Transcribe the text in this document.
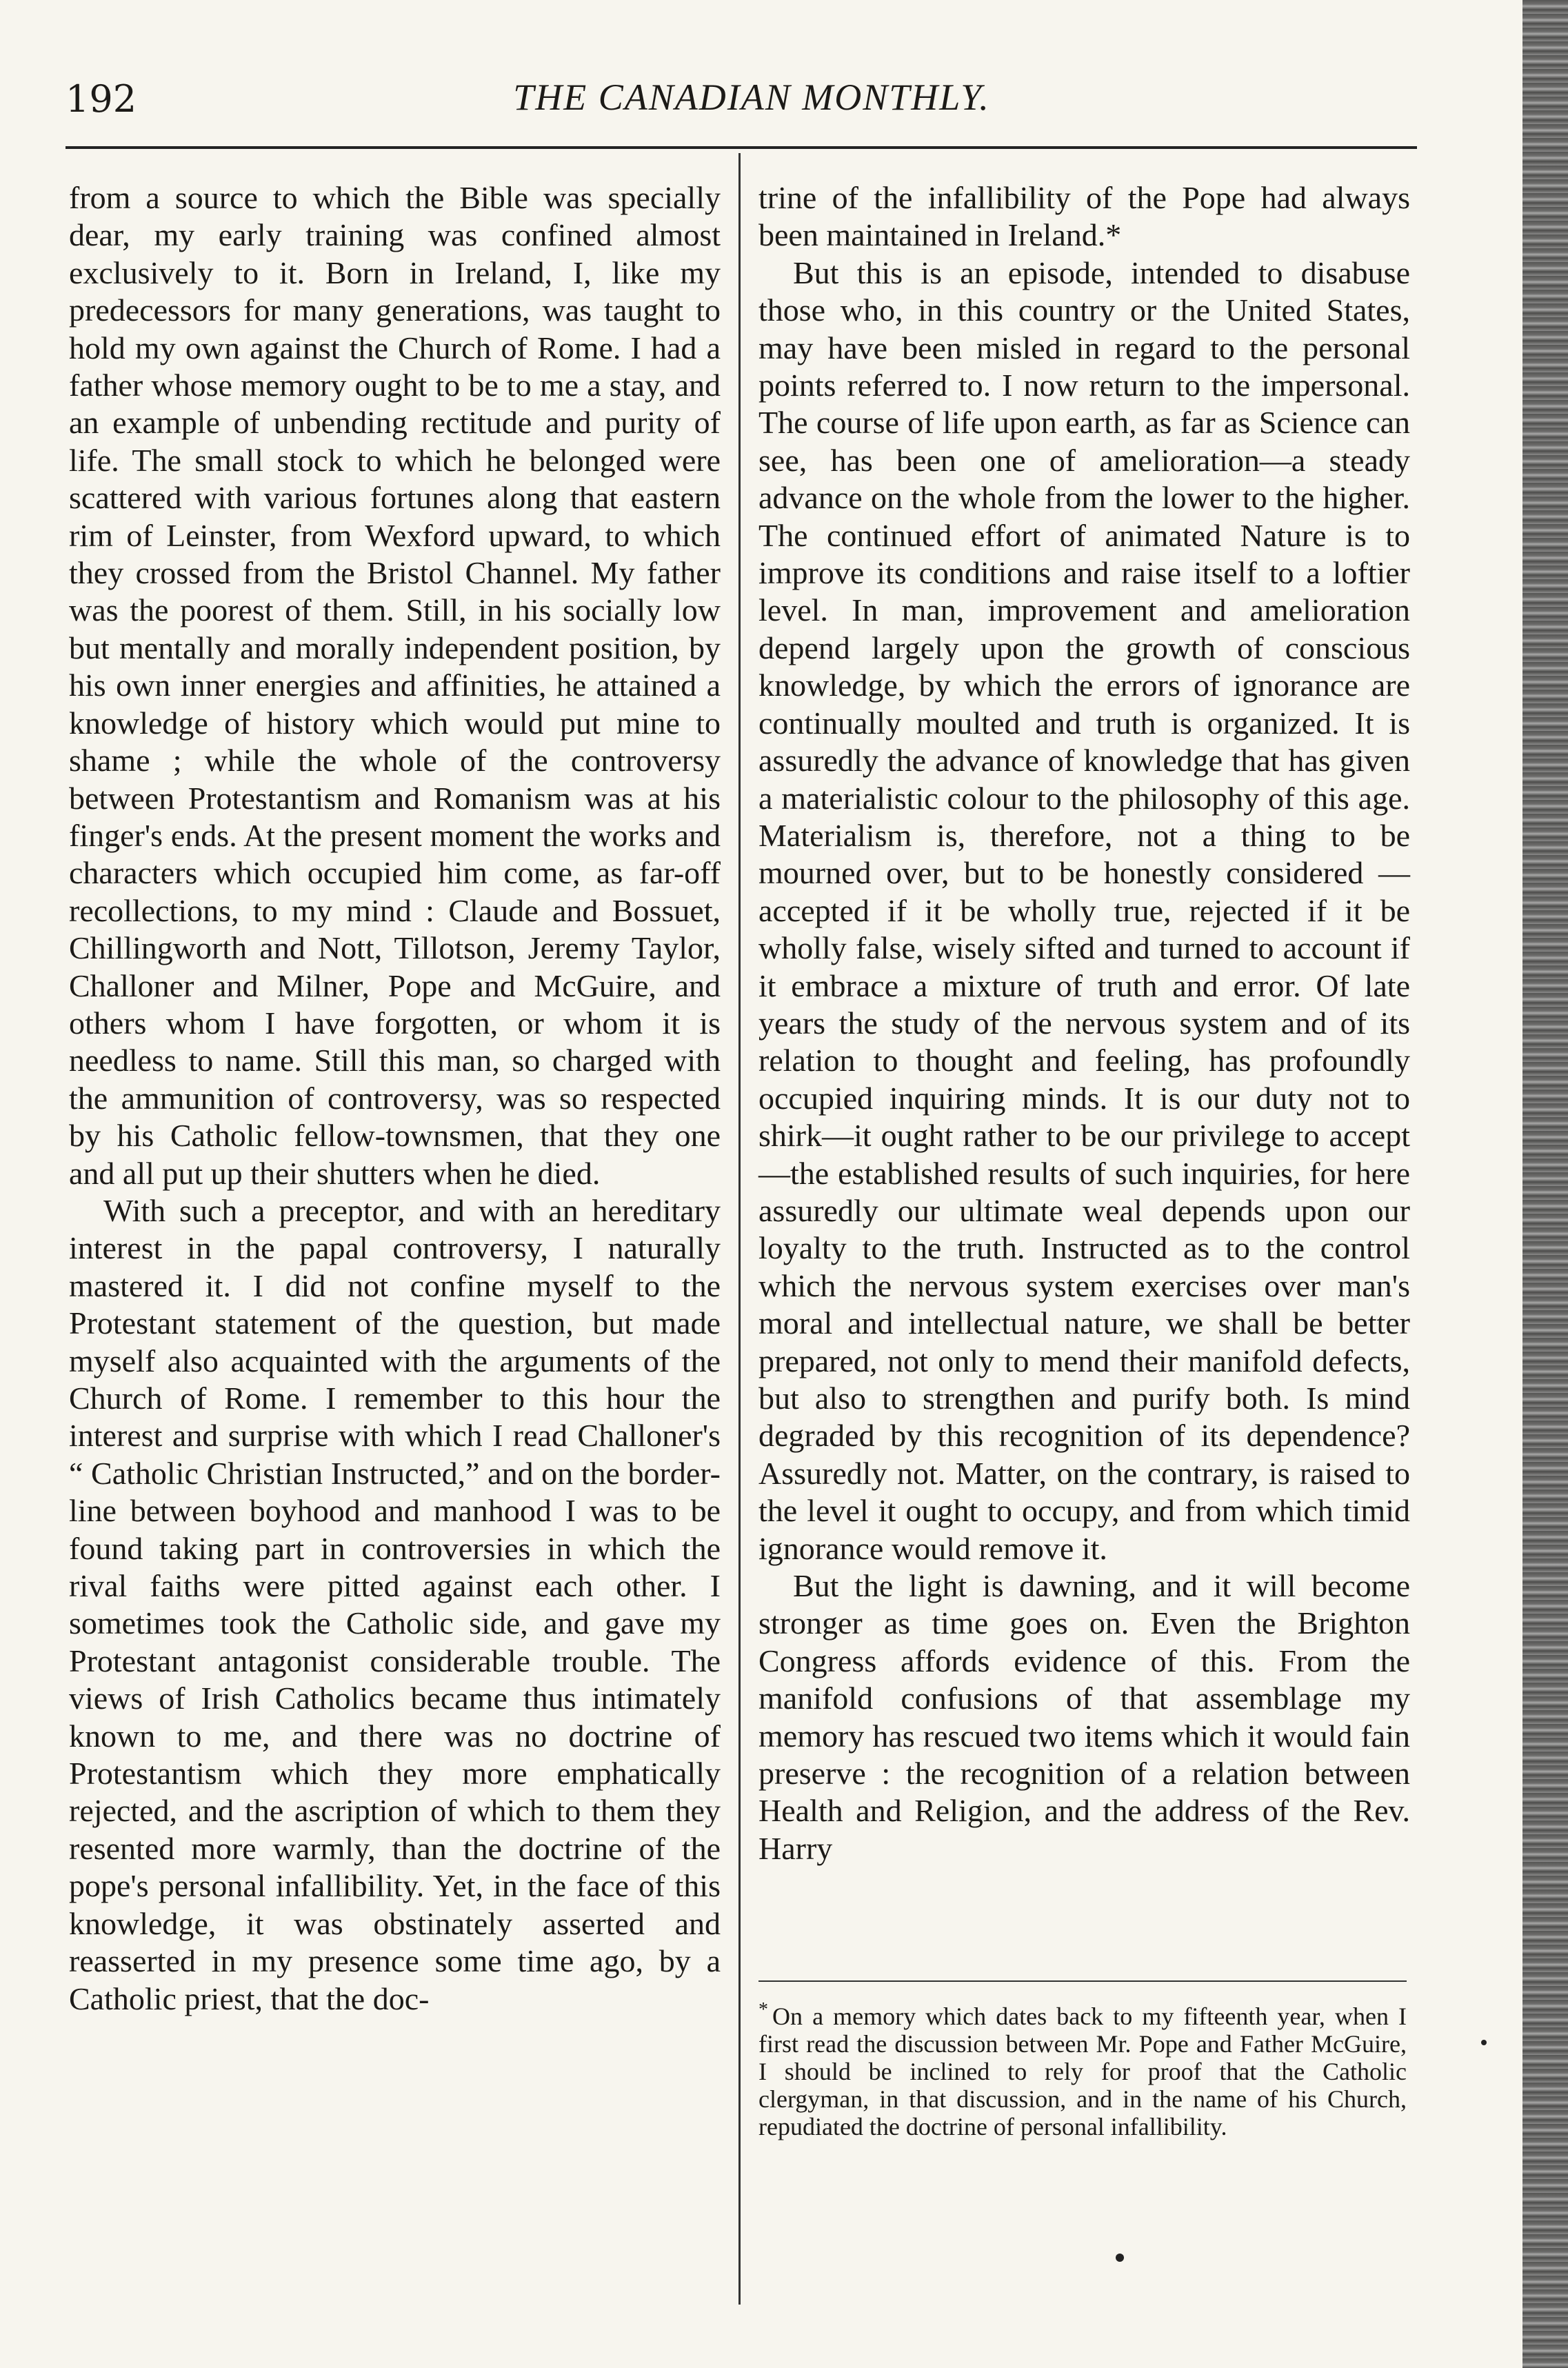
192	THE CANADIAN MONTHLY.

from a source to which the Bible was specially dear, my early training was confined almost exclusively to it. Born in Ireland, I, like my predecessors for many generations, was taught to hold my own against the Church of Rome. I had a father whose memory ought to be to me a stay, and an example of unbending rectitude and purity of life. The small stock to which he belonged were scattered with various fortunes along that eastern rim of Leinster, from Wexford upward, to which they crossed from the Bristol Channel. My father was the poorest of them. Still, in his socially low but mentally and morally independent position, by his own inner energies and affinities, he attained a knowledge of history which would put mine to shame ; while the whole of the controversy between Protestantism and Romanism was at his finger's ends. At the present moment the works and characters which occupied him come, as far-off recollections, to my mind : Claude and Bossuet, Chillingworth and Nott, Tillotson, Jeremy Taylor, Challoner and Milner, Pope and McGuire, and others whom I have forgotten, or whom it is needless to name. Still this man, so charged with the ammunition of controversy, was so respected by his Catholic fellow-townsmen, that they one and all put up their shutters when he died.

With such a preceptor, and with an hereditary interest in the papal controversy, I naturally mastered it. I did not confine myself to the Protestant statement of the question, but made myself also acquainted with the arguments of the Church of Rome. I remember to this hour the interest and surprise with which I read Challoner's “ Catholic Christian Instructed,” and on the border-line between boyhood and manhood I was to be found taking part in controversies in which the rival faiths were pitted against each other. I sometimes took the Catholic side, and gave my Protestant antagonist considerable trouble. The views of Irish Catholics became thus intimately known to me, and there was no doctrine of Protestantism which they more emphatically rejected, and the ascription of which to them they resented more warmly, than the doctrine of the pope's personal infallibility. Yet, in the face of this knowledge, it was obstinately asserted and reasserted in my presence some time ago, by a Catholic priest, that the doc-

trine of the infallibility of the Pope had always been maintained in Ireland.*

But this is an episode, intended to disabuse those who, in this country or the United States, may have been misled in regard to the personal points referred to. I now return to the impersonal. The course of life upon earth, as far as Science can see, has been one of amelioration—a steady advance on the whole from the lower to the higher. The continued effort of animated Nature is to improve its conditions and raise itself to a loftier level. In man, improvement and amelioration depend largely upon the growth of conscious knowledge, by which the errors of ignorance are continually moulted and truth is organized. It is assuredly the advance of knowledge that has given a materialistic colour to the philosophy of this age. Materialism is, therefore, not a thing to be mourned over, but to be honestly considered — accepted if it be wholly true, rejected if it be wholly false, wisely sifted and turned to account if it embrace a mixture of truth and error. Of late years the study of the nervous system and of its relation to thought and feeling, has profoundly occupied inquiring minds. It is our duty not to shirk—it ought rather to be our privilege to accept—the established results of such inquiries, for here assuredly our ultimate weal depends upon our loyalty to the truth. Instructed as to the control which the nervous system exercises over man's moral and intellectual nature, we shall be better prepared, not only to mend their manifold defects, but also to strengthen and purify both. Is mind degraded by this recognition of its dependence? Assuredly not. Matter, on the contrary, is raised to the level it ought to occupy, and from which timid ignorance would remove it.

But the light is dawning, and it will become stronger as time goes on. Even the Brighton Congress affords evidence of this. From the manifold confusions of that assemblage my memory has rescued two items which it would fain preserve : the recognition of a relation between Health and Religion, and the address of the Rev. Harry

* On a memory which dates back to my fifteenth year, when I first read the discussion between Mr. Pope and Father McGuire, I should be inclined to rely for proof that the Catholic clergyman, in that discussion, and in the name of his Church, repudiated the doctrine of personal infallibility.
